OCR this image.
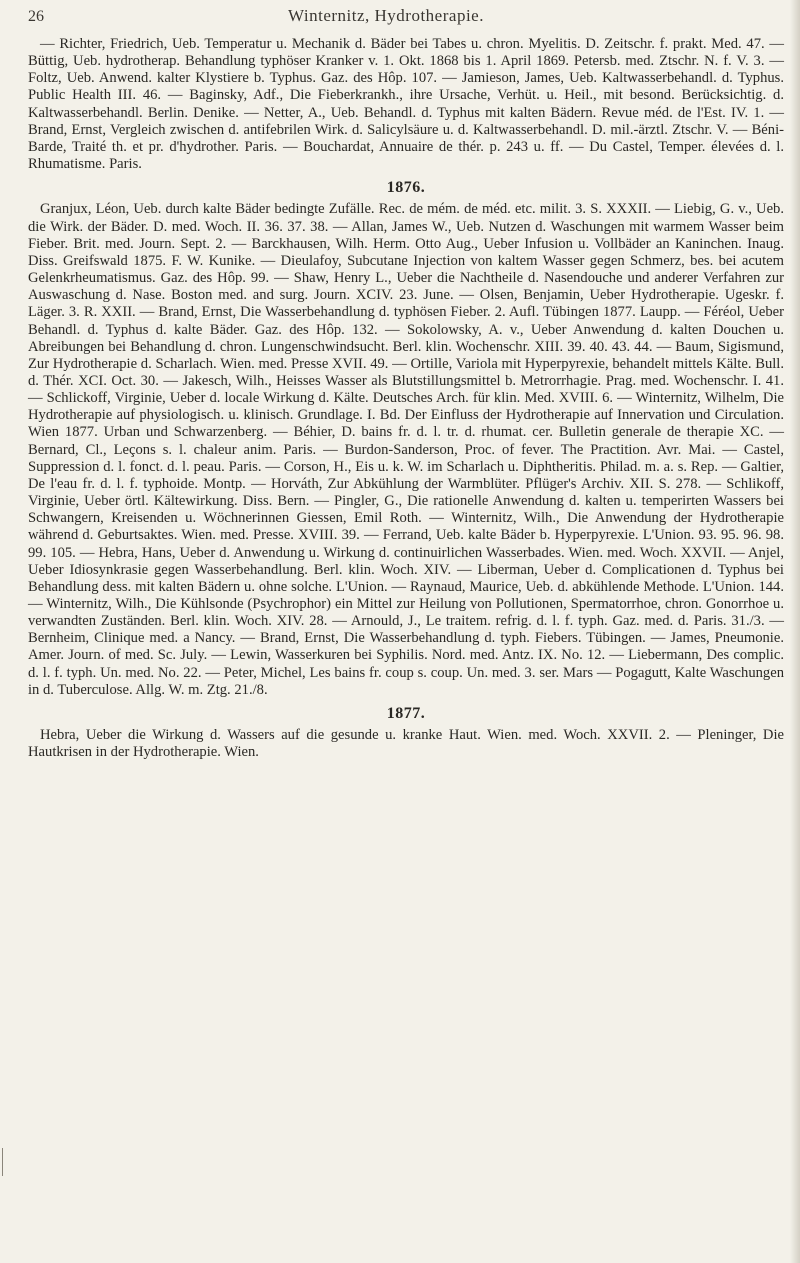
26	Winternitz, Hydrotherapie.

— Richter, Friedrich, Ueb. Temperatur u. Mechanik d. Bäder bei Tabes u. chron. Myelitis. D. Zeitschr. f. prakt. Med. 47. — Büttig, Ueb. hydrotherap. Behandlung typhöser Kranker v. 1. Okt. 1868 bis 1. April 1869. Petersb. med. Ztschr. N. f. V. 3. — Foltz, Ueb. Anwend. kalter Klystiere b. Typhus. Gaz. des Hôp. 107. — Jamieson, James, Ueb. Kaltwasserbehandl. d. Typhus. Public Health III. 46. — Baginsky, Adf., Die Fieberkrankh., ihre Ursache, Verhüt. u. Heil., mit besond. Berücksichtig. d. Kaltwasserbehandl. Berlin. Denike. — Netter, A., Ueb. Behandl. d. Typhus mit kalten Bädern. Revue méd. de l'Est. IV. 1. — Brand, Ernst, Vergleich zwischen d. antifebrilen Wirk. d. Salicylsäure u. d. Kaltwasserbehandl. D. mil.-ärztl. Ztschr. V. — Béni-Barde, Traité th. et pr. d'hydrother. Paris. — Bouchardat, Annuaire de thér. p. 243 u. ff. — Du Castel, Temper. élevées d. l. Rhumatisme. Paris.

1876.

Granjux, Léon, Ueb. durch kalte Bäder bedingte Zufälle. Rec. de mém. de méd. etc. milit. 3. S. XXXII. — Liebig, G. v., Ueb. die Wirk. der Bäder. D. med. Woch. II. 36. 37. 38. — Allan, James W., Ueb. Nutzen d. Waschungen mit warmem Wasser beim Fieber. Brit. med. Journ. Sept. 2. — Barckhausen, Wilh. Herm. Otto Aug., Ueber Infusion u. Vollbäder an Kaninchen. Inaug. Diss. Greifswald 1875. F. W. Kunike. — Dieulafoy, Subcutane Injection von kaltem Wasser gegen Schmerz, bes. bei acutem Gelenkrheumatismus. Gaz. des Hôp. 99. — Shaw, Henry L., Ueber die Nachtheile d. Nasendouche und anderer Verfahren zur Auswaschung d. Nase. Boston med. and surg. Journ. XCIV. 23. June. — Olsen, Benjamin, Ueber Hydrotherapie. Ugeskr. f. Läger. 3. R. XXII. — Brand, Ernst, Die Wasserbehandlung d. typhösen Fieber. 2. Aufl. Tübingen 1877. Laupp. — Féréol, Ueber Behandl. d. Typhus d. kalte Bäder. Gaz. des Hôp. 132. — Sokolowsky, A. v., Ueber Anwendung d. kalten Douchen u. Abreibungen bei Behandlung d. chron. Lungenschwindsucht. Berl. klin. Wochenschr. XIII. 39. 40. 43. 44. — Baum, Sigismund, Zur Hydrotherapie d. Scharlach. Wien. med. Presse XVII. 49. — Ortille, Variola mit Hyperpyrexie, behandelt mittels Kälte. Bull. d. Thér. XCI. Oct. 30. — Jakesch, Wilh., Heisses Wasser als Blutstillungsmittel b. Metrorrhagie. Prag. med. Wochenschr. I. 41. — Schlickoff, Virginie, Ueber d. locale Wirkung d. Kälte. Deutsches Arch. für klin. Med. XVIII. 6. — Winternitz, Wilhelm, Die Hydrotherapie auf physiologisch. u. klinisch. Grundlage. I. Bd. Der Einfluss der Hydrotherapie auf Innervation und Circulation. Wien 1877. Urban und Schwarzenberg. — Béhier, D. bains fr. d. l. tr. d. rhumat. cer. Bulletin generale de therapie XC. — Bernard, Cl., Leçons s. l. chaleur anim. Paris. — Burdon-Sanderson, Proc. of fever. The Practition. Avr. Mai. — Castel, Suppression d. l. fonct. d. l. peau. Paris. — Corson, H., Eis u. k. W. im Scharlach u. Diphtheritis. Philad. m. a. s. Rep. — Galtier, De l'eau fr. d. l. f. typhoide. Montp. — Horváth, Zur Abkühlung der Warmblüter. Pflüger's Archiv. XII. S. 278. — Schlikoff, Virginie, Ueber örtl. Kältewirkung. Diss. Bern. — Pingler, G., Die rationelle Anwendung d. kalten u. temperirten Wassers bei Schwangern, Kreisenden u. Wöchnerinnen Giessen, Emil Roth. — Winternitz, Wilh., Die Anwendung der Hydrotherapie während d. Geburtsaktes. Wien. med. Presse. XVIII. 39. — Ferrand, Ueb. kalte Bäder b. Hyperpyrexie. L'Union. 93. 95. 96. 98. 99. 105. — Hebra, Hans, Ueber d. Anwendung u. Wirkung d. continuirlichen Wasserbades. Wien. med. Woch. XXVII. — Anjel, Ueber Idiosynkrasie gegen Wasserbehandlung. Berl. klin. Woch. XIV. — Liberman, Ueber d. Complicationen d. Typhus bei Behandlung dess. mit kalten Bädern u. ohne solche. L'Union. — Raynaud, Maurice, Ueb. d. abkühlende Methode. L'Union. 144. — Winternitz, Wilh., Die Kühlsonde (Psychrophor) ein Mittel zur Heilung von Pollutionen, Spermatorrhoe, chron. Gonorrhoe u. verwandten Zuständen. Berl. klin. Woch. XIV. 28. — Arnould, J., Le traitem. refrig. d. l. f. typh. Gaz. med. d. Paris. 31./3. — Bernheim, Clinique med. a Nancy. — Brand, Ernst, Die Wasserbehandlung d. typh. Fiebers. Tübingen. — James, Pneumonie. Amer. Journ. of med. Sc. July. — Lewin, Wasserkuren bei Syphilis. Nord. med. Antz. IX. No. 12. — Liebermann, Des complic. d. l. f. typh. Un. med. No. 22. — Peter, Michel, Les bains fr. coup s. coup. Un. med. 3. ser. Mars — Pogagutt, Kalte Waschungen in d. Tuberculose. Allg. W. m. Ztg. 21./8.

1877.

Hebra, Ueber die Wirkung d. Wassers auf die gesunde u. kranke Haut. Wien. med. Woch. XXVII. 2. — Pleninger, Die Hautkrisen in der Hydrotherapie. Wien.
